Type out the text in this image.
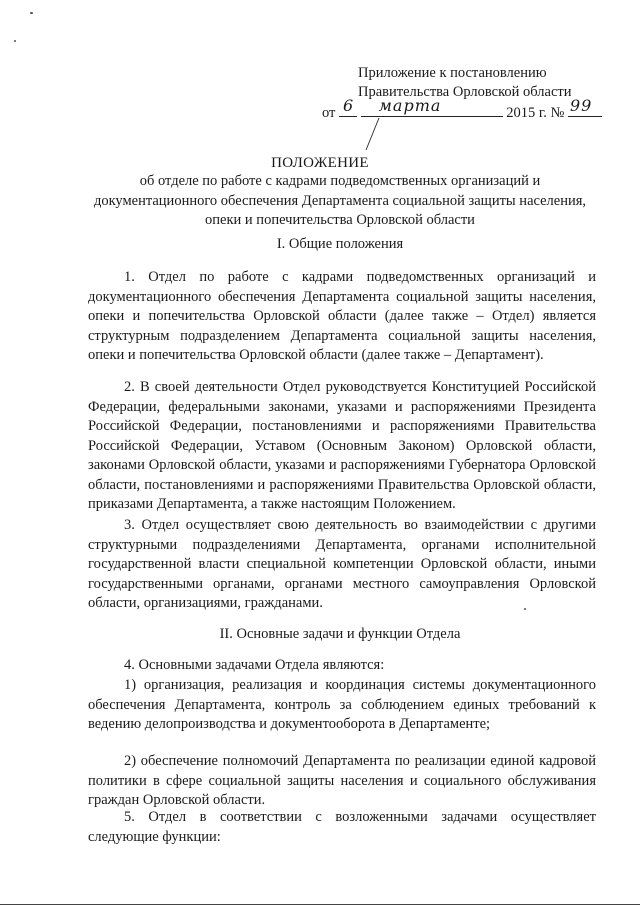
Приложение к постановлению
Правительства Орловской области
от 6
марта	2015 г. № 99
ПОЛОЖЕНИЕ
об отделе по работе с кадрами подведомственных организаций и документационного обеспечения Департамента социальной защиты населения, опеки и попечительства Орловской области
I. Общие положения
1. Отдел по работе с кадрами подведомственных организаций и документационного обеспечения Департамента социальной защиты населения, опеки и попечительства Орловской области (далее также – Отдел) является структурным подразделением Департамента социальной защиты населения, опеки и попечительства Орловской области (далее также – Департамент).
2. В своей деятельности Отдел руководствуется Конституцией Российской Федерации, федеральными законами, указами и распоряжениями Президента Российской Федерации, постановлениями и распоряжениями Правительства Российской Федерации, Уставом (Основным Законом) Орловской области, законами Орловской области, указами и распоряжениями Губернатора Орловской области, постановлениями и распоряжениями Правительства Орловской области, приказами Департамента, а также настоящим Положением.
3. Отдел осуществляет свою деятельность во взаимодействии с другими структурными подразделениями Департамента, органами исполнительной государственной власти специальной компетенции Орловской области, иными государственными органами, органами местного самоуправления Орловской области, организациями, гражданами.
II. Основные задачи и функции Отдела
4. Основными задачами Отдела являются:
1) организация, реализация и координация системы документационного обеспечения Департамента, контроль за соблюдением единых требований к ведению делопроизводства и документооборота в Департаменте;
2) обеспечение полномочий Департамента по реализации единой кадровой политики в сфере социальной защиты населения и социального обслуживания граждан Орловской области.
5. Отдел в соответствии с возложенными задачами осуществляет следующие функции:
